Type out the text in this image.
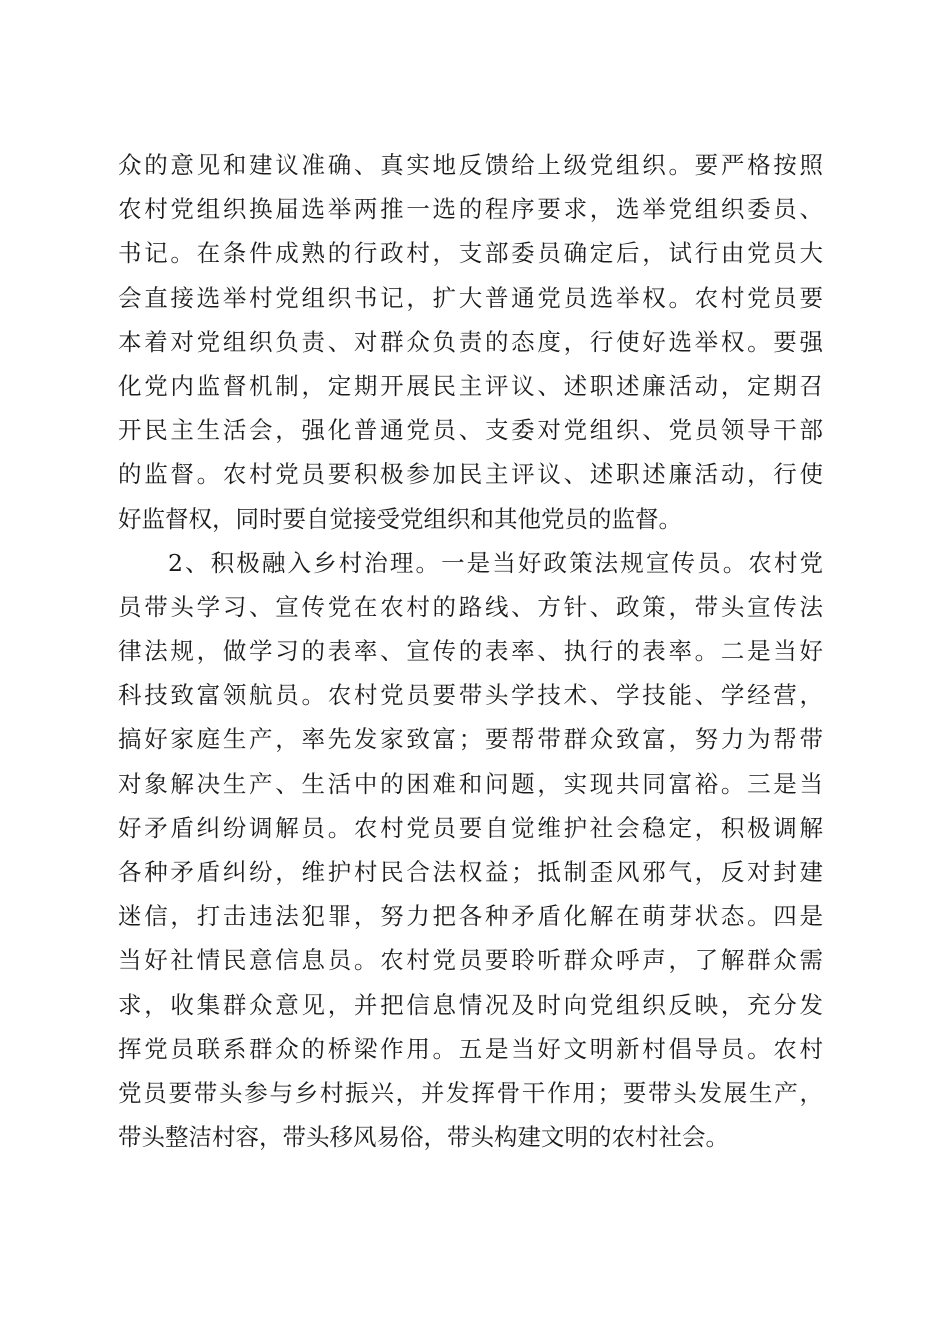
众的意见和建议准确、真实地反馈给上级党组织。要严格按照
农村党组织换届选举两推一选的程序要求，选举党组织委员、
书记。在条件成熟的行政村，支部委员确定后，试行由党员大
会直接选举村党组织书记，扩大普通党员选举权。农村党员要
本着对党组织负责、对群众负责的态度，行使好选举权。要强
化党内监督机制，定期开展民主评议、述职述廉活动，定期召
开民主生活会，强化普通党员、支委对党组织、党员领导干部
的监督。农村党员要积极参加民主评议、述职述廉活动，行使
好监督权，同时要自觉接受党组织和其他党员的监督。
2、积极融入乡村治理。一是当好政策法规宣传员。农村党
员带头学习、宣传党在农村的路线、方针、政策，带头宣传法
律法规，做学习的表率、宣传的表率、执行的表率。二是当好
科技致富领航员。农村党员要带头学技术、学技能、学经营，
搞好家庭生产，率先发家致富；要帮带群众致富，努力为帮带
对象解决生产、生活中的困难和问题，实现共同富裕。三是当
好矛盾纠纷调解员。农村党员要自觉维护社会稳定，积极调解
各种矛盾纠纷，维护村民合法权益；抵制歪风邪气，反对封建
迷信，打击违法犯罪，努力把各种矛盾化解在萌芽状态。四是
当好社情民意信息员。农村党员要聆听群众呼声，了解群众需
求，收集群众意见，并把信息情况及时向党组织反映，充分发
挥党员联系群众的桥梁作用。五是当好文明新村倡导员。农村
党员要带头参与乡村振兴，并发挥骨干作用；要带头发展生产，
带头整洁村容，带头移风易俗，带头构建文明的农村社会。
